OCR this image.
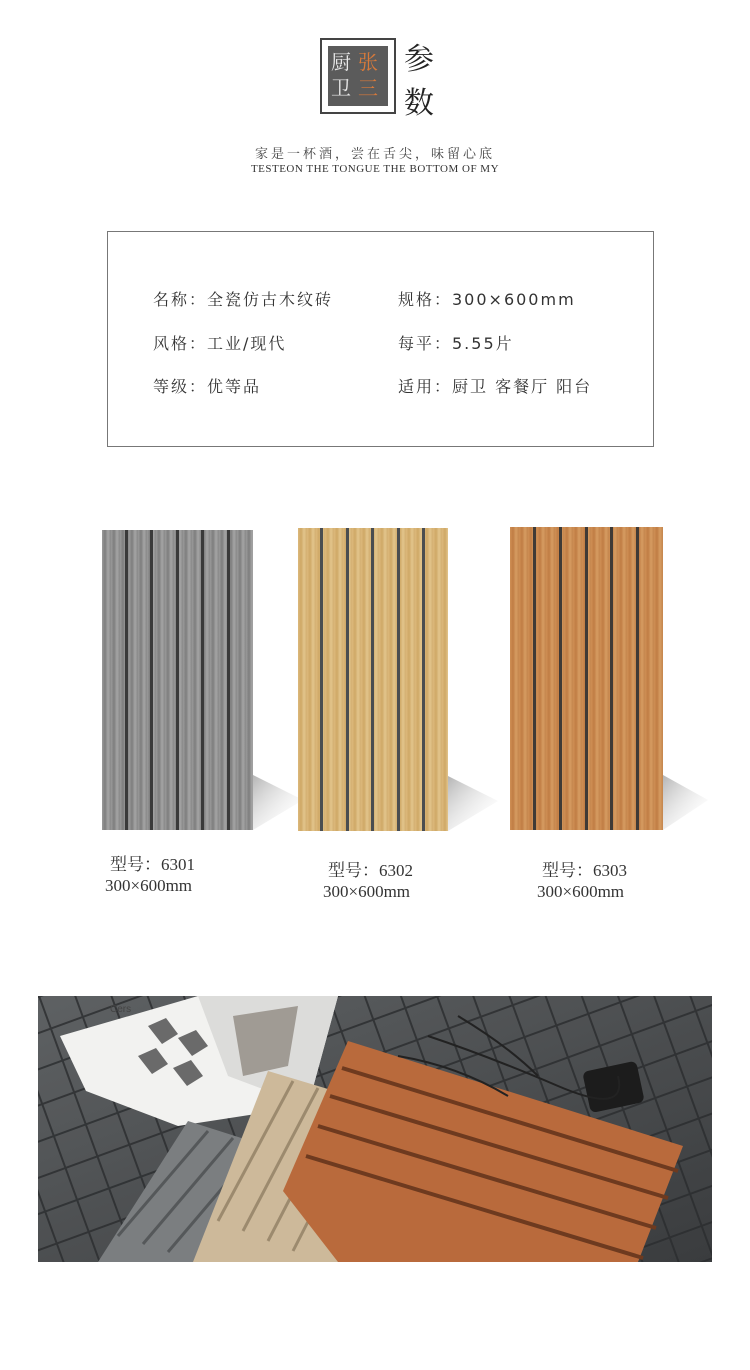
厨 张
卫 三
参
数
家是一杯酒，尝在舌尖，味留心底
TESTEON THE TONGUE THE BOTTOM OF MY
名称：全瓷仿古木纹砖	规格：300×600mm
风格：工业/现代	每平：5.55片
等级：优等品	适用：厨卫 客餐厅 阳台
型号：6301
300×600mm
型号：6302
300×600mm
型号：6303
300×600mm
Cers
